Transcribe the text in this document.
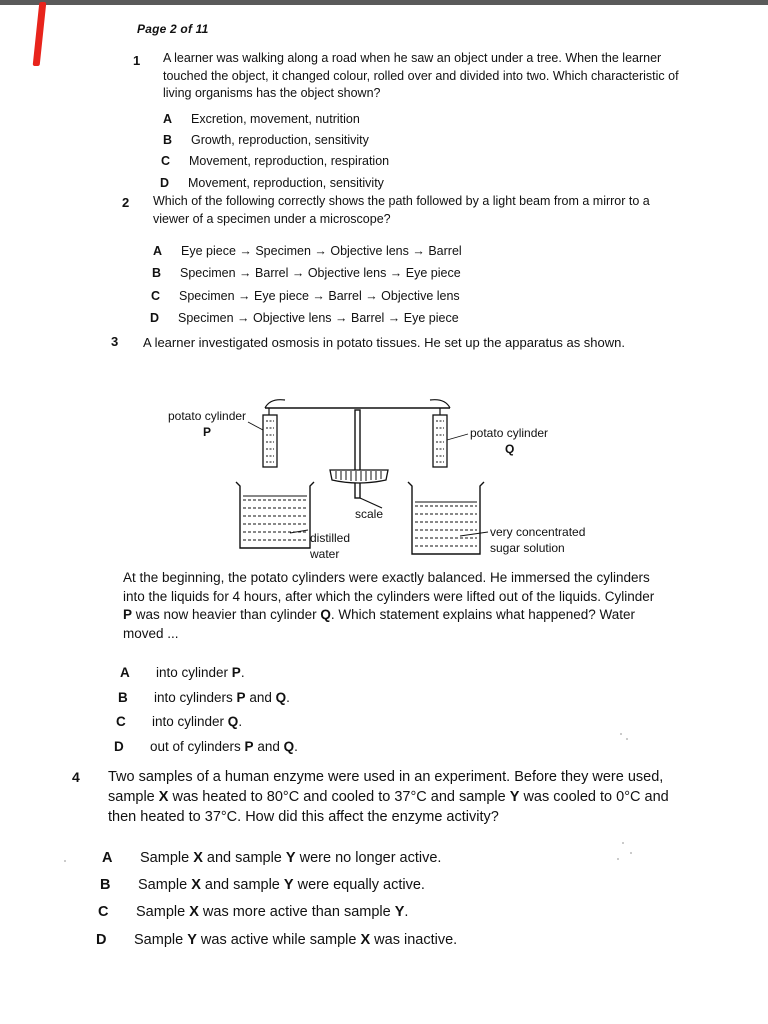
Page 2 of 11
1 A learner was walking along a road when he saw an object under a tree. When the learner touched the object, it changed colour, rolled over and divided into two. Which characteristic of living organisms has the object shown?
A Excretion, movement, nutrition
B Growth, reproduction, sensitivity
C Movement, reproduction, respiration
D Movement, reproduction, sensitivity
2 Which of the following correctly shows the path followed by a light beam from a mirror to a viewer of a specimen under a microscope?
A Eye piece → Specimen → Objective lens → Barrel
B Specimen → Barrel → Objective lens → Eye piece
C Specimen → Eye piece → Barrel → Objective lens
D Specimen → Objective lens → Barrel → Eye piece
3 A learner investigated osmosis in potato tissues. He set up the apparatus as shown.
potato cylinder
P	potato cylinder
Q
scale
distilled
water
very concentrated
sugar solution
At the beginning, the potato cylinders were exactly balanced. He immersed the cylinders
into the liquids for 4 hours, after which the cylinders were lifted out of the liquids. Cylinder
P was now heavier than cylinder Q. Which statement explains what happened? Water
moved ...
A into cylinder P.
B into cylinders P and Q.
C into cylinder Q.
D out of cylinders P and Q.
4 Two samples of a human enzyme were used in an experiment. Before they were used,
sample X was heated to 80°C and cooled to 37°C and sample Y was cooled to 0°C and
then heated to 37°C. How did this affect the enzyme activity?
A Sample X and sample Y were no longer active.
B Sample X and sample Y were equally active.
C Sample X was more active than sample Y.
D Sample Y was active while sample X was inactive.
